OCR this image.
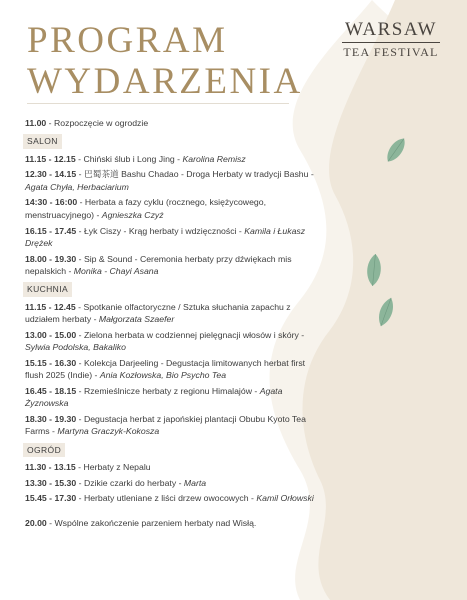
PROGRAM
WYDARZENIA
WARSAW
TEA FESTIVAL
11.00 - Rozpoczęcie w ogrodzie
SALON
11.15 - 12.15 - Chiński ślub i Long Jing - Karolina Remisz
12.30 - 14.15 - 巴蜀茶道 Bashu Chadao - Droga Herbaty w tradycji Bashu - Agata Chyła, Herbaciarium
14:30 - 16:00 - Herbata a fazy cyklu (rocznego, księżycowego, menstruacyjnego) - Agnieszka Czyż
16.15 - 17.45 - Łyk Ciszy - Krąg herbaty i wdzięczności - Kamila i Łukasz Drężek
18.00 - 19.30 - Sip & Sound - Ceremonia herbaty przy dźwiękach mis nepalskich - Monika - Chayi Asana
KUCHNIA
11.15 - 12.45 - Spotkanie olfactoryczne / Sztuka słuchania zapachu z udziałem herbaty - Małgorzata Szaefer
13.00 - 15.00 - Zielona herbata w codziennej pielęgnacji włosów i skóry - Sylwia Podolska, Bakaliko
15.15 - 16.30 - Kolekcja Darjeeling - Degustacja limitowanych herbat first flush 2025 (Indie) - Ania Kozłowska, Bio Psycho Tea
16.45 - 18.15 - Rzemieślnicze herbaty z regionu Himalajów - Agata Żyznowska
18.30 - 19.30 - Degustacja herbat z japońskiej plantacji Obubu Kyoto Tea Farms - Martyna Graczyk-Kokosza
OGRÓD
11.30 - 13.15 - Herbaty z Nepalu
13.30 - 15.30 - Dzikie czarki do herbaty - Marta
15.45 - 17.30 - Herbaty utleniane z liści drzew owocowych - Kamil Orłowski
20.00 - Wspólne zakończenie parzeniem herbaty nad Wisłą.
